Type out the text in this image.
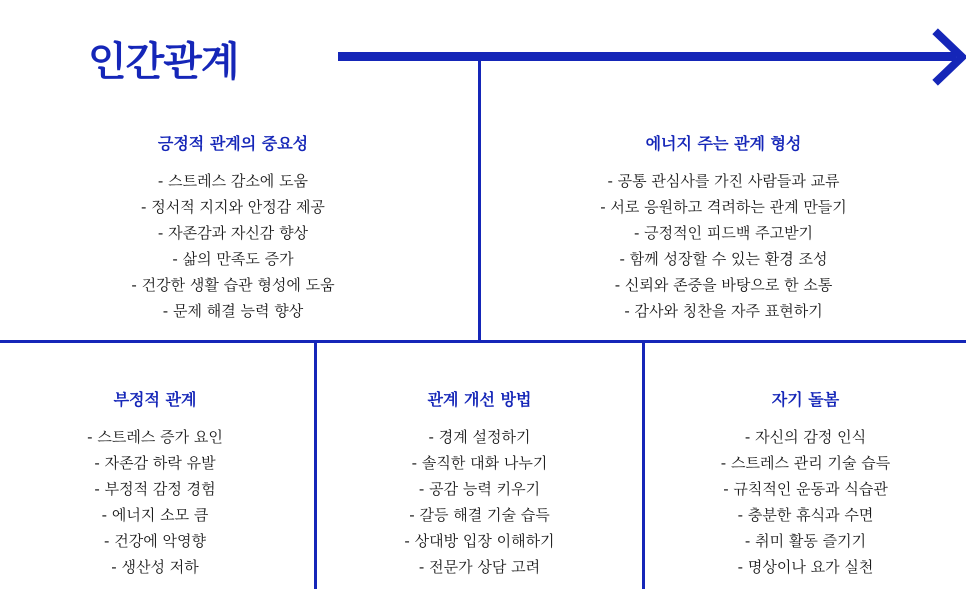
인간관계
긍정적 관계의 중요성
- 스트레스 감소에 도움
- 정서적 지지와 안정감 제공
- 자존감과 자신감 향상
- 삶의 만족도 증가
- 건강한 생활 습관 형성에 도움
- 문제 해결 능력 향상
에너지 주는 관계 형성
- 공통 관심사를 가진 사람들과 교류
- 서로 응원하고 격려하는 관계 만들기
- 긍정적인 피드백 주고받기
- 함께 성장할 수 있는 환경 조성
- 신뢰와 존중을 바탕으로 한 소통
- 감사와 칭찬을 자주 표현하기
부정적 관계
- 스트레스 증가 요인
- 자존감 하락 유발
- 부정적 감정 경험
- 에너지 소모 큼
- 건강에 악영향
- 생산성 저하
관계 개선 방법
- 경계 설정하기
- 솔직한 대화 나누기
- 공감 능력 키우기
- 갈등 해결 기술 습득
- 상대방 입장 이해하기
- 전문가 상담 고려
자기 돌봄
- 자신의 감정 인식
- 스트레스 관리 기술 습득
- 규칙적인 운동과 식습관
- 충분한 휴식과 수면
- 취미 활동 즐기기
- 명상이나 요가 실천
